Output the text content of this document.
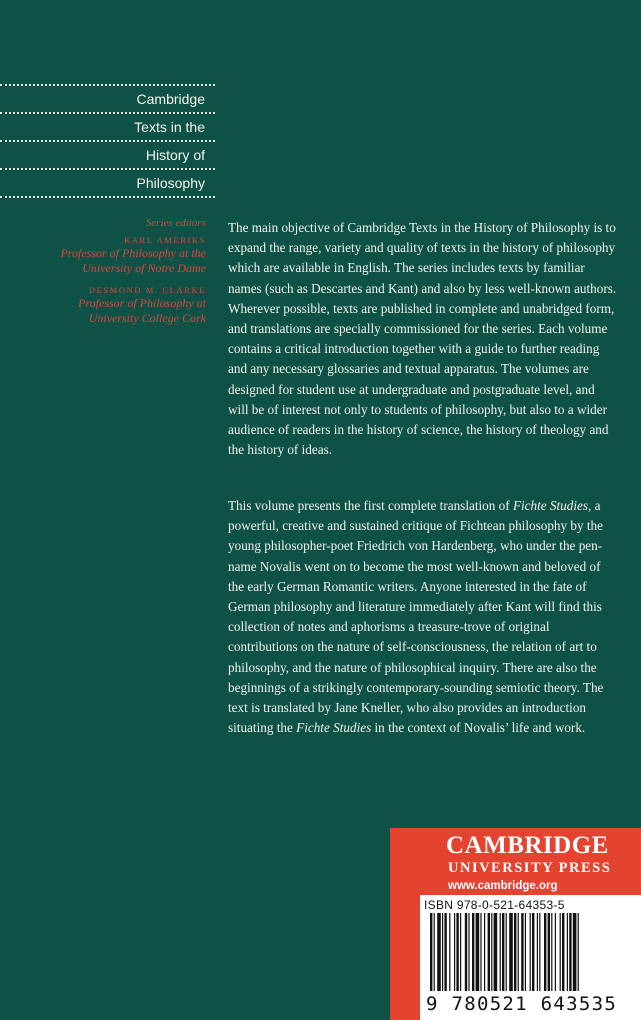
Cambridge
Texts in the
History of
Philosophy
Series editors
KARL AMERIKS
Professor of Philosophy at the
University of Notre Dame
DESMOND M. CLARKE
Professor of Philosophy at
University College Cork
The main objective of Cambridge Texts in the History of Philosophy is to expand the range, variety and quality of texts in the history of philosophy which are available in English. The series includes texts by familiar names (such as Descartes and Kant) and also by less well-known authors. Wherever possible, texts are published in complete and unabridged form, and translations are specially commissioned for the series. Each volume contains a critical introduction together with a guide to further reading and any necessary glossaries and textual apparatus. The volumes are designed for student use at undergraduate and postgraduate level, and will be of interest not only to students of philosophy, but also to a wider audience of readers in the history of science, the history of theology and the history of ideas.
This volume presents the first complete translation of Fichte Studies, a powerful, creative and sustained critique of Fichtean philosophy by the young philosopher-poet Friedrich von Hardenberg, who under the pen-name Novalis went on to become the most well-known and beloved of the early German Romantic writers. Anyone interested in the fate of German philosophy and literature immediately after Kant will find this collection of notes and aphorisms a treasure-trove of original contributions on the nature of self-consciousness, the relation of art to philosophy, and the nature of philosophical inquiry. There are also the beginnings of a strikingly contemporary-sounding semiotic theory. The text is translated by Jane Kneller, who also provides an introduction situating the Fichte Studies in the context of Novalis’ life and work.
CAMBRIDGE
UNIVERSITY PRESS
www.cambridge.org
ISBN 978-0-521-64353-5
9 780521 643535
